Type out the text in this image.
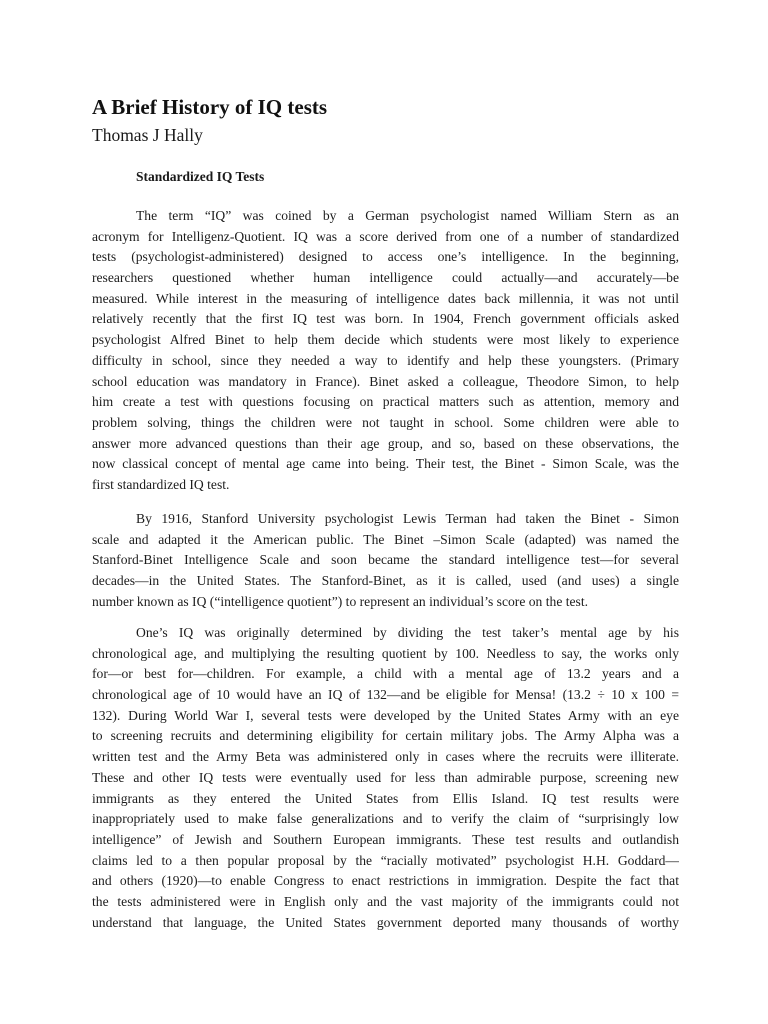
A Brief History of IQ tests

Thomas J Hally

Standardized IQ Tests
The term “IQ” was coined by a German psychologist named William Stern as an
acronym for Intelligenz-Quotient. IQ was a score derived from one of a number of standardized
tests (psychologist-administered) designed to access one’s intelligence. In the beginning,
researchers questioned whether human intelligence could actually—and accurately—be
measured. While interest in the measuring of intelligence dates back millennia, it was not until
relatively recently that the first IQ test was born. In 1904, French government officials asked
psychologist Alfred Binet to help them decide which students were most likely to experience
difficulty in school, since they needed a way to identify and help these youngsters. (Primary
school education was mandatory in France). Binet asked a colleague, Theodore Simon, to help
him create a test with questions focusing on practical matters such as attention, memory and
problem solving, things the children were not taught in school. Some children were able to
answer more advanced questions than their age group, and so, based on these observations, the
now classical concept of mental age came into being. Their test, the Binet - Simon Scale, was the
first standardized IQ test.
By 1916, Stanford University psychologist Lewis Terman had taken the Binet - Simon
scale and adapted it the American public. The Binet –Simon Scale (adapted) was named the
Stanford-Binet Intelligence Scale and soon became the standard intelligence test—for several
decades—in the United States. The Stanford-Binet, as it is called, used (and uses) a single
number known as IQ (“intelligence quotient”) to represent an individual’s score on the test.
One’s IQ was originally determined by dividing the test taker’s mental age by his
chronological age, and multiplying the resulting quotient by 100. Needless to say, the works only
for—or best for—children. For example, a child with a mental age of 13.2 years and a
chronological age of 10 would have an IQ of 132—and be eligible for Mensa! (13.2 ÷ 10 x 100 =
132). During World War I, several tests were developed by the United States Army with an eye
to screening recruits and determining eligibility for certain military jobs. The Army Alpha was a
written test and the Army Beta was administered only in cases where the recruits were illiterate.
These and other IQ tests were eventually used for less than admirable purpose, screening new
immigrants as they entered the United States from Ellis Island. IQ test results were
inappropriately used to make false generalizations and to verify the claim of “surprisingly low
intelligence” of Jewish and Southern European immigrants. These test results and outlandish
claims led to a then popular proposal by the “racially motivated” psychologist H.H. Goddard—
and others (1920)—to enable Congress to enact restrictions in immigration. Despite the fact that
the tests administered were in English only and the vast majority of the immigrants could not
understand that language, the United States government deported many thousands of worthy
